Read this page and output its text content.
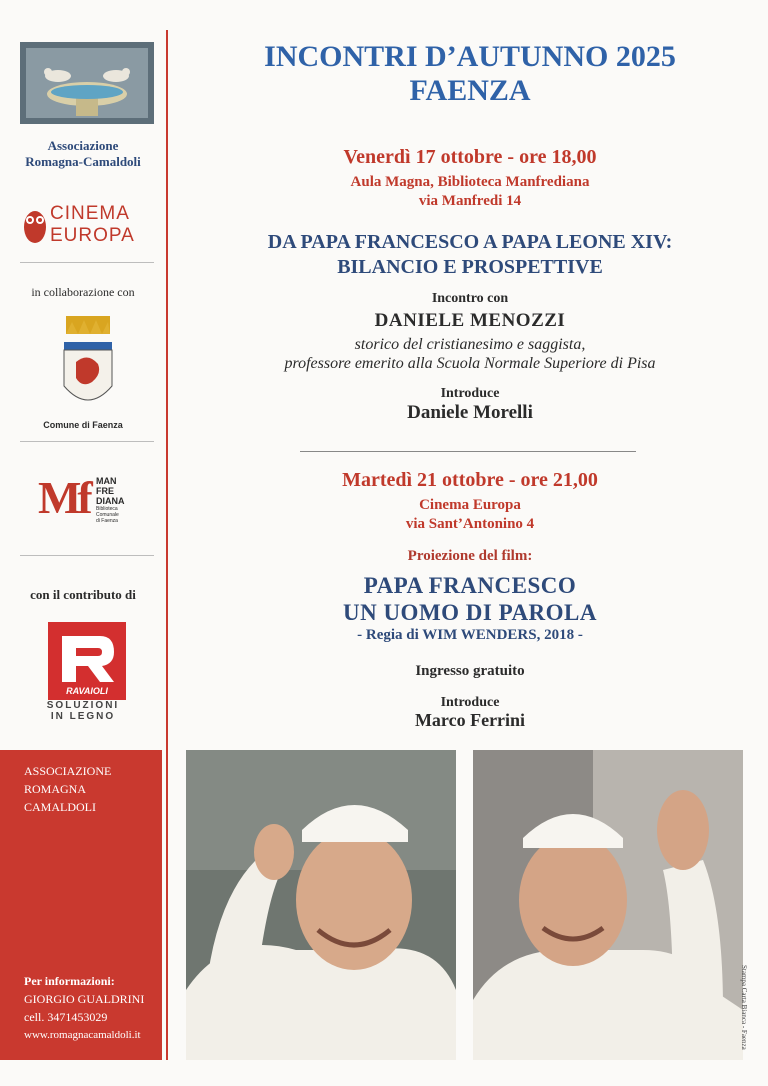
Associazione
Romagna-Camaldoli
CINEMA
EUROPA
in collaborazione con
Comune di Faenza
Mf MAN
FRE
DIANA
Biblioteca
Comunale
di Faenza
con il contributo di
RAVAIOLI
SOLUZIONI
IN LEGNO
ASSOCIAZIONE
ROMAGNA
CAMALDOLI
Per informazioni:
GIORGIO GUALDRINI
cell. 3471453029
www.romagnacamaldoli.it
INCONTRI D’AUTUNNO 2025
FAENZA
Venerdì 17 ottobre - ore 18,00
Aula Magna, Biblioteca Manfrediana
via Manfredi 14
DA PAPA FRANCESCO A PAPA LEONE XIV:
BILANCIO E PROSPETTIVE
Incontro con
DANIELE MENOZZI
storico del cristianesimo e saggista,
professore emerito alla Scuola Normale Superiore di Pisa
Introduce
Daniele Morelli
Martedì 21 ottobre - ore 21,00
Cinema Europa
via Sant’Antonino 4
Proiezione del film:
PAPA FRANCESCO
UN UOMO DI PAROLA
- Regia di WIM WENDERS, 2018 -
Ingresso gratuito
Introduce
Marco Ferrini
Stampa Carta Bianca - Faenza
